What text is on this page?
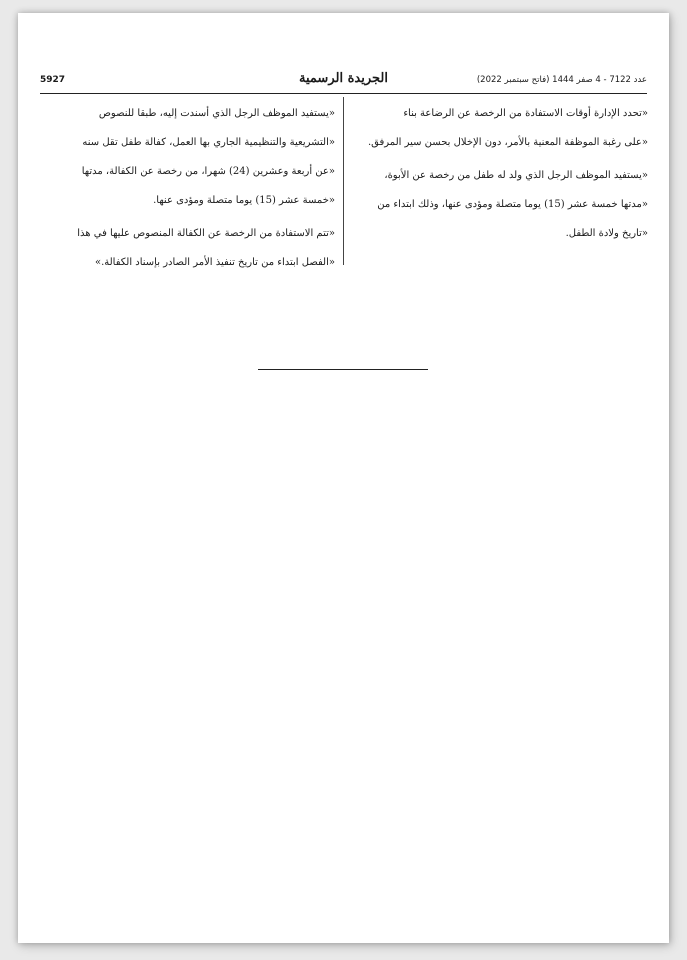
5927	الجريدة الرسمية	عدد 7122 - 4 صفر 1444 (فاتح سبتمبر 2022)

«تحدد الإدارة أوقات الاستفادة من الرخصة عن الرضاعة بناء

«على رغبة الموظفة المعنية بالأمر، دون الإخلال بحسن سير المرفق.

«يستفيد الموظف الرجل الذي ولد له طفل من رخصة عن الأبوة،

«مدتها خمسة عشر (15) يوما متصلة ومؤدى عنها، وذلك ابتداء من

«تاريخ ولادة الطفل.

«يستفيد الموظف الرجل الذي أسندت إليه، طبقا للنصوص

«التشريعية والتنظيمية الجاري بها العمل، كفالة طفل تقل سنه

«عن أربعة وعشرين (24) شهرا، من رخصة عن الكفالة، مدتها

«خمسة عشر (15) يوما متصلة ومؤدى عنها.

«تتم الاستفادة من الرخصة عن الكفالة المنصوص عليها في هذا

«الفصل ابتداء من تاريخ تنفيذ الأمر الصادر بإسناد الكفالة.»
